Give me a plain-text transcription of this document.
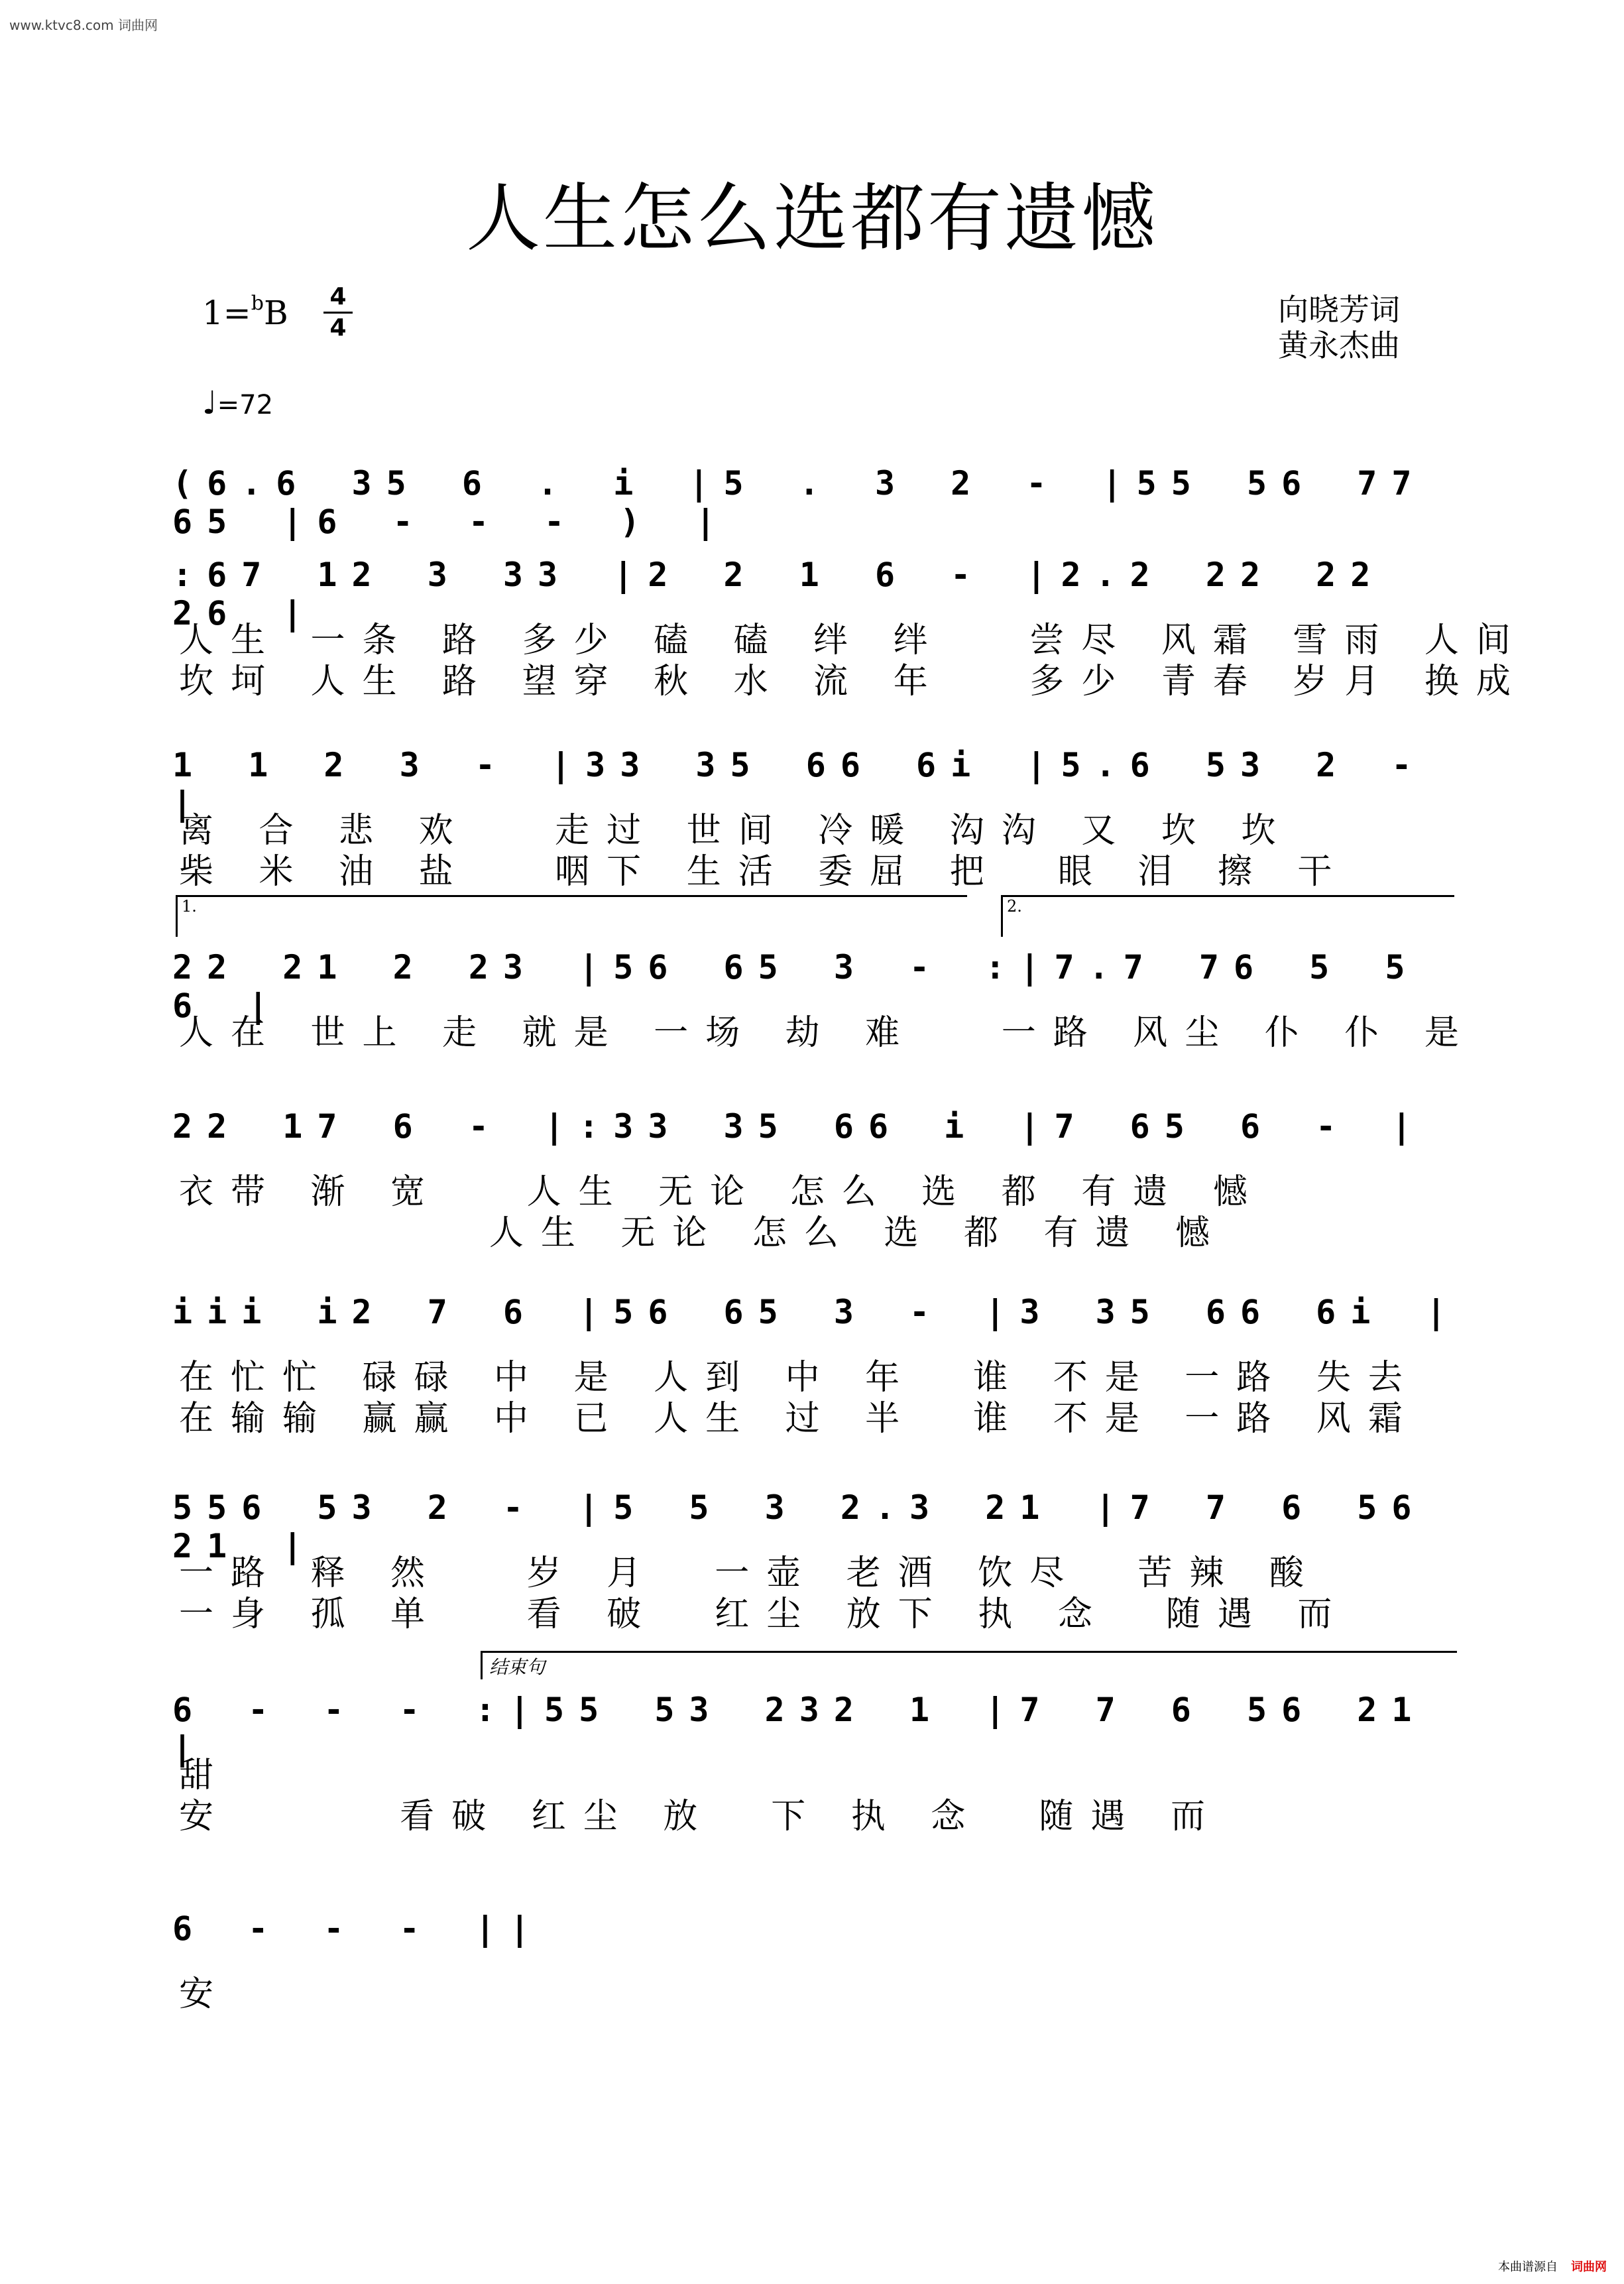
www.ktvc8.com 词曲网
人生怎么选都有遗憾
1=$^b$B 4
4
♩=72
向晓芳词
黄永杰曲
(6.6 35 6 . i |5 . 3 2 - |55 56 77 65 |6 - - - ) |
:67 12 3 33 |2 2 1 6 - |2.2 22 22 26 |
人生 一条 路 多少 磕 磕 绊 绊   尝尽 风霜 雪雨 人间
坎坷 人生 路 望穿 秋 水 流 年   多少 青春 岁月 换成
1 1 2 3 - |33 35 66 6i |5.6 53 2 - |
离 合 悲 欢   走过 世间 冷暖 沟沟 又 坎 坎
柴 米 油 盐   咽下 生活 委屈 把  眼 泪 擦 干
22 21 2 23 |56 65 3 - :|7.7 76 5 5 6 |
1.	2.
人在 世上 走 就是 一场 劫 难   一路 风尘 仆 仆 是
22 17 6 - |:33 35 66 i |7 65 6 - |
衣带 渐 宽   人生 无论 怎么 选 都 有遗 憾
人生 无论 怎么 选 都 有遗 憾
iii i2 7 6 |56 65 3 - |3 35 66 6i |
在忙忙 碌碌 中 是 人到 中 年  谁 不是 一路 失去
在输输 赢赢 中 已 人生 过 半  谁 不是 一路 风霜
556 53 2 - |5 5 3 2.3 21 |7 7 6 56 21 |
一路 释 然   岁 月  一壶 老酒 饮尽  苦辣 酸
一身 孤 单   看 破  红尘 放下 执 念  随遇 而
6 - - - :|55 53 232 1 |7 7 6 56 21 |
结束句
甜
安      看破 红尘 放  下 执 念  随遇 而
6 - - - ||
安
本曲谱源自 词曲网
